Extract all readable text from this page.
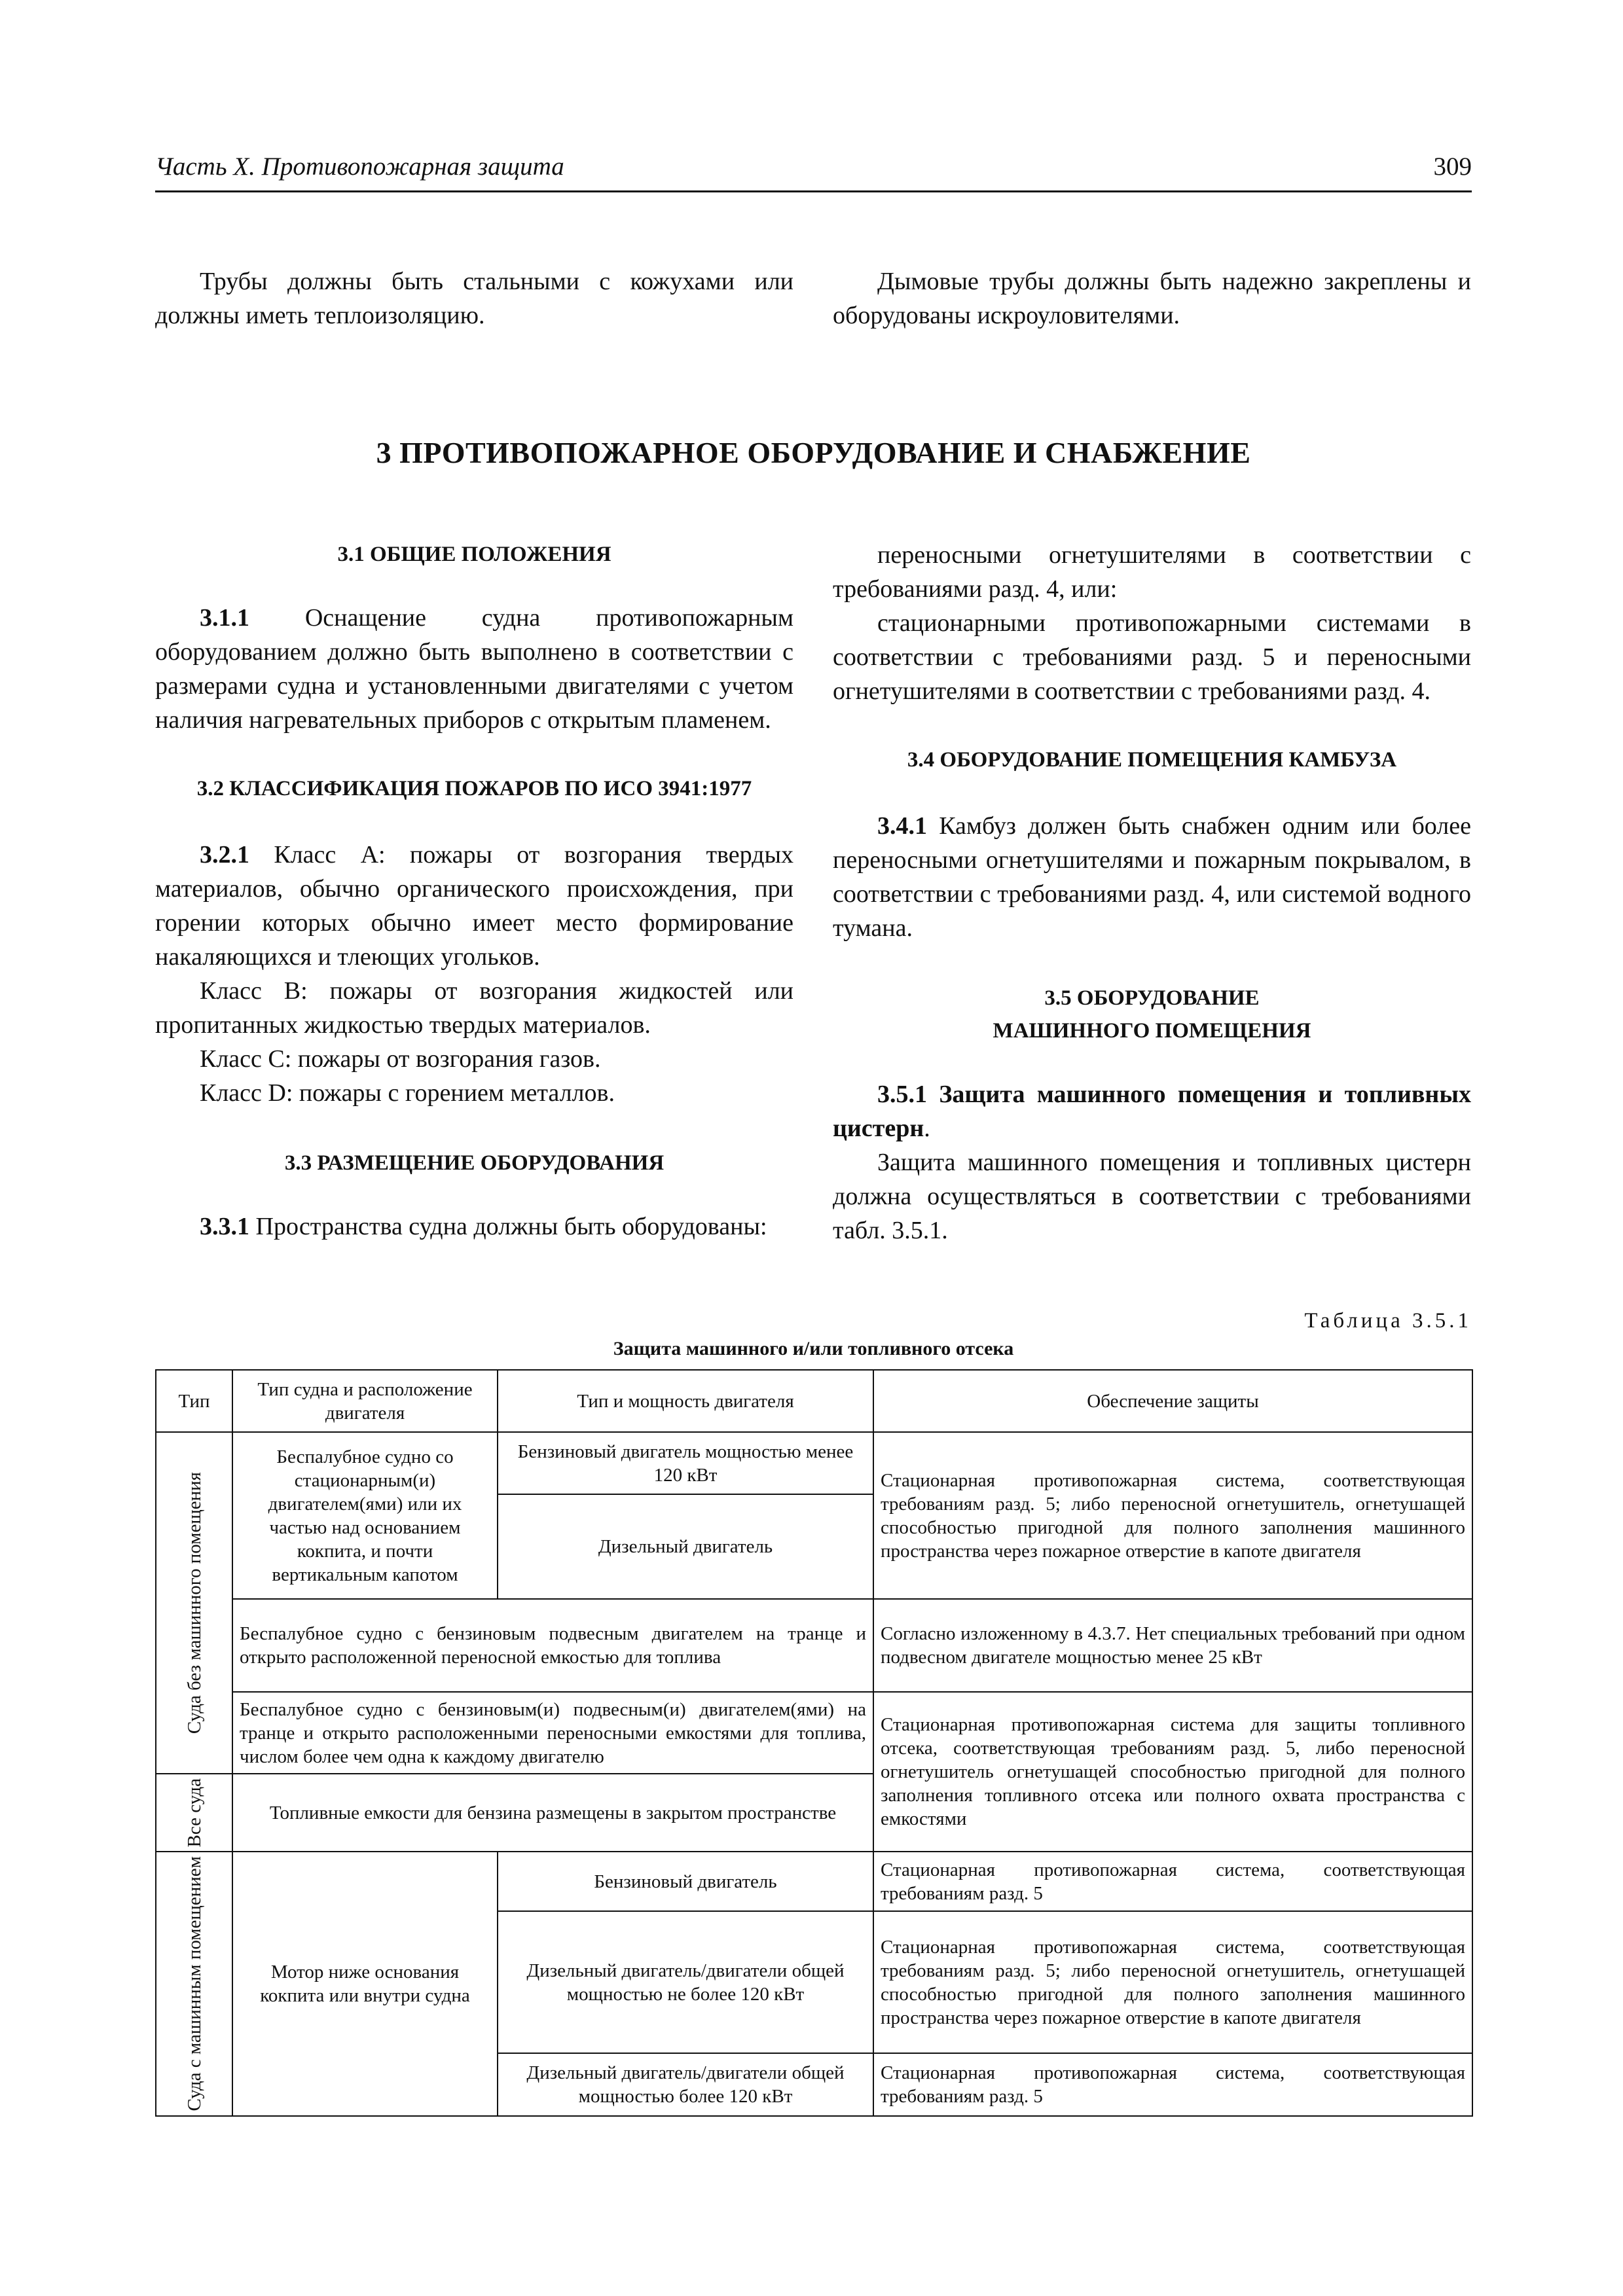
Часть X. Противопожарная защита	309

Трубы должны быть стальными с кожухами или должны иметь теплоизоляцию.

Дымовые трубы должны быть надежно закреплены и оборудованы искроуловителями.

3 ПРОТИВОПОЖАРНОЕ ОБОРУДОВАНИЕ И СНАБЖЕНИЕ
3.1 ОБЩИЕ ПОЛОЖЕНИЯ

3.1.1 Оснащение судна противопожарным оборудованием должно быть выполнено в соответствии с размерами судна и установленными двигателями с учетом наличия нагревательных приборов с открытым пламенем.

3.2 КЛАССИФИКАЦИЯ ПОЖАРОВ ПО ИСО 3941:1977

3.2.1 Класс A: пожары от возгорания твердых материалов, обычно органического происхождения, при горении которых обычно имеет место формирование накаляющихся и тлеющих угольков.

Класс B: пожары от возгорания жидкостей или пропитанных жидкостью твердых материалов.

Класс C: пожары от возгорания газов.

Класс D: пожары с горением металлов.

3.3 РАЗМЕЩЕНИЕ ОБОРУДОВАНИЯ

3.3.1 Пространства судна должны быть оборудованы:

переносными огнетушителями в соответствии с требованиями разд. 4, или:

стационарными противопожарными системами в соответствии с требованиями разд. 5 и переносными огнетушителями в соответствии с требованиями разд. 4.

3.4 ОБОРУДОВАНИЕ ПОМЕЩЕНИЯ КАМБУЗА

3.4.1 Камбуз должен быть снабжен одним или более переносными огнетушителями и пожарным покрывалом, в соответствии с требованиями разд. 4, или системой водного тумана.

3.5 ОБОРУДОВАНИЕ
МАШИННОГО ПОМЕЩЕНИЯ

3.5.1 Защита машинного помещения и топливных цистерн.

Защита машинного помещения и топливных цистерн должна осуществляться в соответствии с требованиями табл. 3.5.1.

Таблица 3.5.1
Защита машинного и/или топливного отсека
Тип	Тип судна и расположение двигателя	Тип и мощность двигателя	Обеспечение защиты

Суда без машинного помещения	Беспалубное судно со стационарным(и) двигателем(ями) или их частью над основанием кокпита, и почти вертикальным капотом	Бензиновый двигатель мощностью менее 120 кВт	Стационарная противопожарная система, соответствующая требованиям разд. 5; либо переносной огнетушитель, огнетушащей способностью пригодной для полного заполнения машинного пространства через пожарное отверстие в капоте двигателя
		Дизельный двигатель	
	Беспалубное судно с бензиновым подвесным двигателем на транце и открыто расположенной переносной емкостью для топлива		Согласно изложенному в 4.3.7. Нет специальных требований при одном подвесном двигателе мощностью менее 25 кВт
	Беспалубное судно с бензиновым(и) подвесным(и) двигателем(ями) на транце и открыто расположенными переносными емкостями для топлива, числом более чем одна к каждому двигателю		Стационарная противопожарная система для защиты топливного отсека, соответствующая требованиям разд. 5, либо переносной огнетушитель огнетушащей способностью пригодной для полного заполнения топливного отсека или полного охвата пространства с емкостями

Все суда	Топливные емкости для бензина размещены в закрытом пространстве		

Суда с машинным помещением	Мотор ниже основания кокпита или внутри судна	Бензиновый двигатель	Стационарная противопожарная система, соответствующая требованиям разд. 5
		Дизельный двигатель/двигатели общей мощностью не более 120 кВт	Стационарная противопожарная система, соответствующая требованиям разд. 5; либо переносной огнетушитель, огнетушащей способностью пригодной для полного заполнения машинного пространства через пожарное отверстие в капоте двигателя
		Дизельный двигатель/двигатели общей мощностью более 120 кВт	Стационарная противопожарная система, соответствующая требованиям разд. 5
